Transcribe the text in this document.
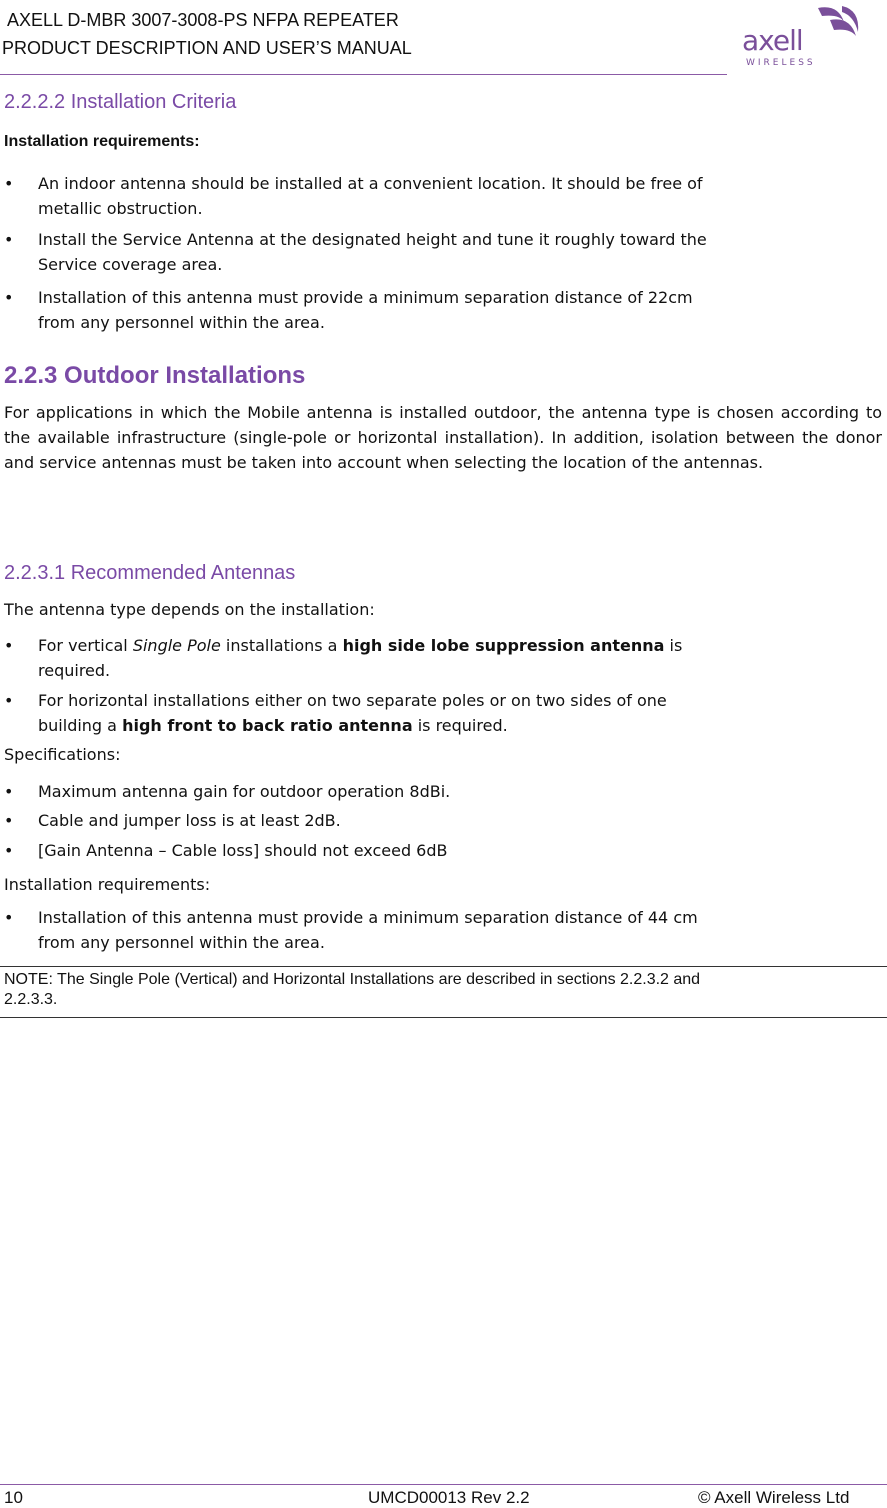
AXELL D-MBR 3007-3008-PS NFPA REPEATER
PRODUCT DESCRIPTION AND USER’S MANUAL	axell
WIRELESS
2.2.2.2 Installation Criteria
Installation requirements:
•	An indoor antenna should be installed at a convenient location. It should be free of
metallic obstruction.
•	Install the Service Antenna at the designated height and tune it roughly toward the
Service coverage area.
•	Installation of this antenna must provide a minimum separation distance of 22cm
from any personnel within the area.
2.2.3 Outdoor Installations
For applications in which the Mobile antenna is installed outdoor, the antenna type is chosen according to the available infrastructure (single-pole or horizontal installation). In addition, isolation between the donor and service antennas must be taken into account when selecting the location of the antennas.
2.2.3.1 Recommended Antennas
The antenna type depends on the installation:
•	For vertical Single Pole installations a high side lobe suppression antenna is
required.
•	For horizontal installations either on two separate poles or on two sides of one
building a high front to back ratio antenna is required.
Specifications:
•	Maximum antenna gain for outdoor operation 8dBi.
•	Cable and jumper loss is at least 2dB.
•	[Gain Antenna – Cable loss] should not exceed 6dB
Installation requirements:
•	Installation of this antenna must provide a minimum separation distance of 44 cm
from any personnel within the area.
NOTE: The Single Pole (Vertical) and Horizontal Installations are described in sections 2.2.3.2 and
2.2.3.3.
10	UMCD00013 Rev 2.2	© Axell Wireless Ltd
